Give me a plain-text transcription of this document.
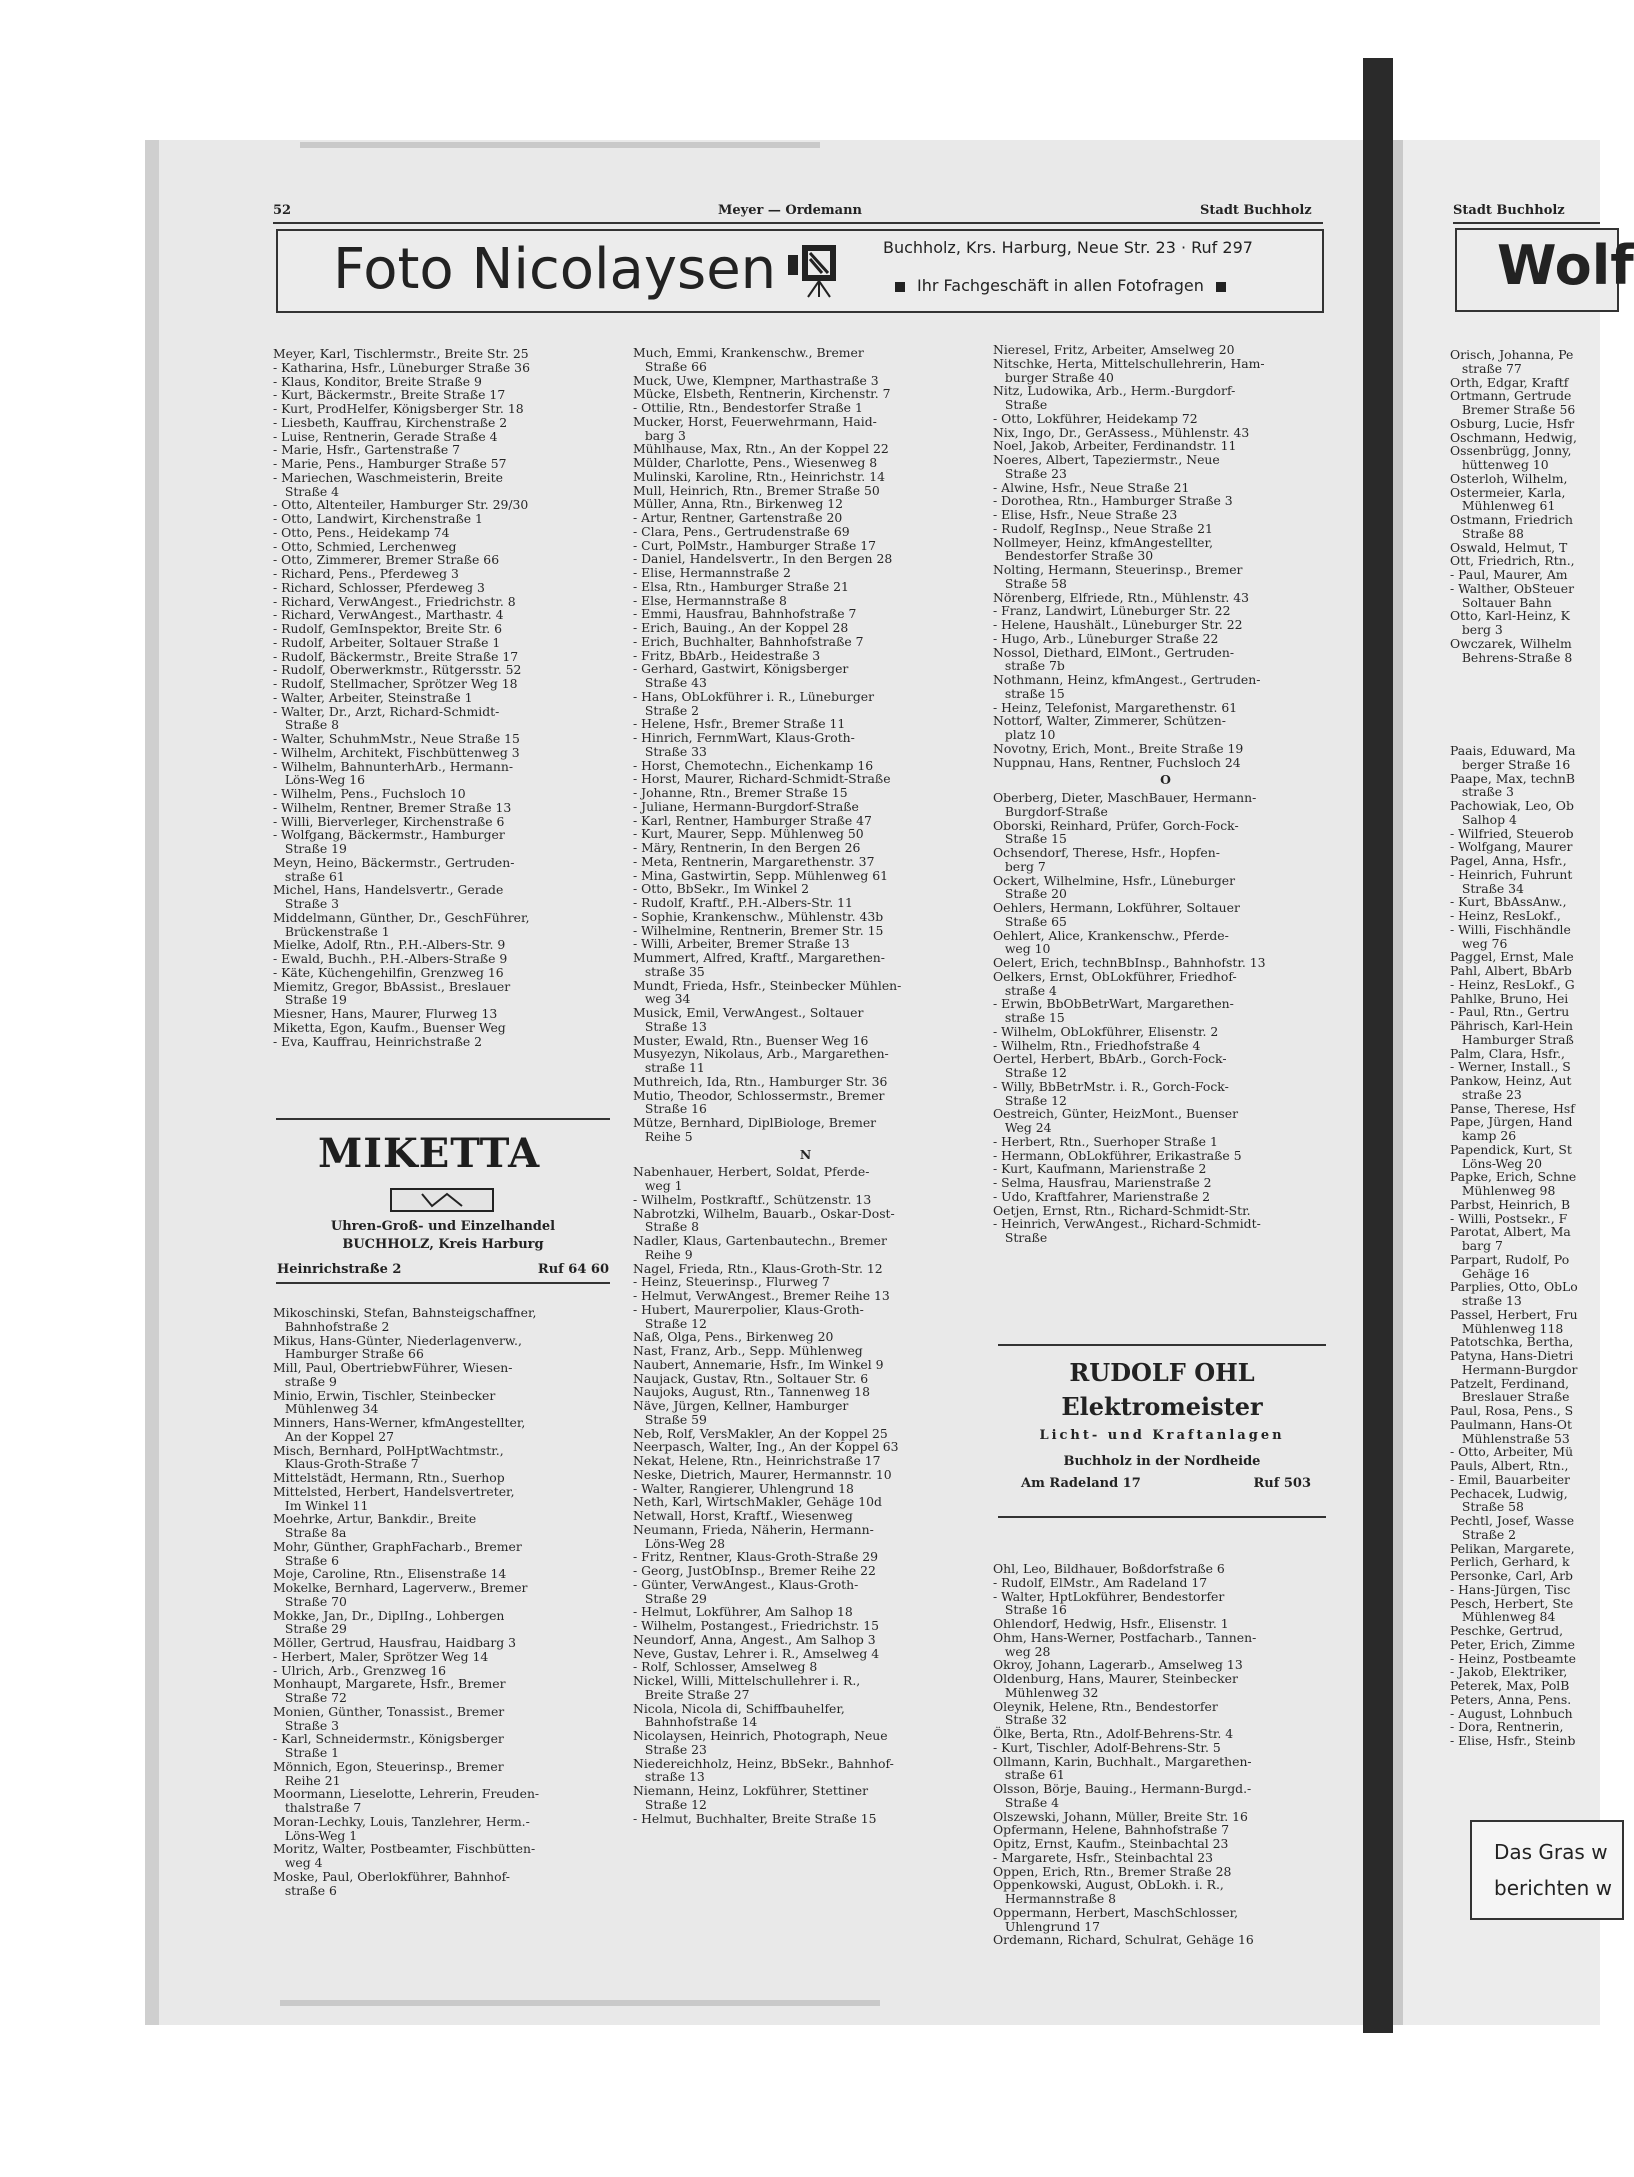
52	Meyer — Ordemann	Stadt Buchholz	Stadt Buchholz
Foto Nicolaysen	Buchholz, Krs. Harburg, Neue Str. 23 · Ruf 297
Ihr Fachgeschäft in allen Fotofragen
Meyer, Karl, Tischlermstr., Breite Str. 25
- Katharina, Hsfr., Lüneburger Straße 36
- Klaus, Konditor, Breite Straße 9
- Kurt, Bäckermstr., Breite Straße 17
- Kurt, ProdHelfer, Königsberger Str. 18
- Liesbeth, Kauffrau, Kirchenstraße 2
- Luise, Rentnerin, Gerade Straße 4
- Marie, Hsfr., Gartenstraße 7
- Marie, Pens., Hamburger Straße 57
- Mariechen, Waschmeisterin, Breite
Straße 4
- Otto, Altenteiler, Hamburger Str. 29/30
- Otto, Landwirt, Kirchenstraße 1
- Otto, Pens., Heidekamp 74
- Otto, Schmied, Lerchenweg
- Otto, Zimmerer, Bremer Straße 66
- Richard, Pens., Pferdeweg 3
- Richard, Schlosser, Pferdeweg 3
- Richard, VerwAngest., Friedrichstr. 8
- Richard, VerwAngest., Marthastr. 4
- Rudolf, GemInspektor, Breite Str. 6
- Rudolf, Arbeiter, Soltauer Straße 1
- Rudolf, Bäckermstr., Breite Straße 17
- Rudolf, Oberwerkmstr., Rütgersstr. 52
- Rudolf, Stellmacher, Sprötzer Weg 18
- Walter, Arbeiter, Steinstraße 1
- Walter, Dr., Arzt, Richard-Schmidt-
Straße 8
- Walter, SchuhmMstr., Neue Straße 15
- Wilhelm, Architekt, Fischbüttenweg 3
- Wilhelm, BahnunterhArb., Hermann-
Löns-Weg 16
- Wilhelm, Pens., Fuchsloch 10
- Wilhelm, Rentner, Bremer Straße 13
- Willi, Bierverleger, Kirchenstraße 6
- Wolfgang, Bäckermstr., Hamburger
Straße 19
Meyn, Heino, Bäckermstr., Gertruden-
straße 61
Michel, Hans, Handelsvertr., Gerade
Straße 3
Middelmann, Günther, Dr., GeschFührer,
Brückenstraße 1
Mielke, Adolf, Rtn., P.H.-Albers-Str. 9
- Ewald, Buchh., P.H.-Albers-Straße 9
- Käte, Küchengehilfin, Grenzweg 16
Miemitz, Gregor, BbAssist., Breslauer
Straße 19
Miesner, Hans, Maurer, Flurweg 13
Miketta, Egon, Kaufm., Buenser Weg
- Eva, Kauffrau, Heinrichstraße 2
MIKETTA
Uhren-Groß- und Einzelhandel
BUCHHOLZ, Kreis Harburg
Heinrichstraße 2	Ruf 64 60
Mikoschinski, Stefan, Bahnsteigschaffner,
Bahnhofstraße 2
Mikus, Hans-Günter, Niederlagenverw.,
Hamburger Straße 66
Mill, Paul, ObertriebwFührer, Wiesen-
straße 9
Minio, Erwin, Tischler, Steinbecker
Mühlenweg 34
Minners, Hans-Werner, kfmAngestellter,
An der Koppel 27
Misch, Bernhard, PolHptWachtmstr.,
Klaus-Groth-Straße 7
Mittelstädt, Hermann, Rtn., Suerhop
Mittelsted, Herbert, Handelsvertreter,
Im Winkel 11
Moehrke, Artur, Bankdir., Breite
Straße 8a
Mohr, Günther, GraphFacharb., Bremer
Straße 6
Moje, Caroline, Rtn., Elisenstraße 14
Mokelke, Bernhard, Lagerverw., Bremer
Straße 70
Mokke, Jan, Dr., DiplIng., Lohbergen
Straße 29
Möller, Gertrud, Hausfrau, Haidbarg 3
- Herbert, Maler, Sprötzer Weg 14
- Ulrich, Arb., Grenzweg 16
Monhaupt, Margarete, Hsfr., Bremer
Straße 72
Monien, Günther, Tonassist., Bremer
Straße 3
- Karl, Schneidermstr., Königsberger
Straße 1
Mönnich, Egon, Steuerinsp., Bremer
Reihe 21
Moormann, Lieselotte, Lehrerin, Freuden-
thalstraße 7
Moran-Lechky, Louis, Tanzlehrer, Herm.-
Löns-Weg 1
Moritz, Walter, Postbeamter, Fischbütten-
weg 4
Moske, Paul, Oberlokführer, Bahnhof-
straße 6
Much, Emmi, Krankenschw., Bremer
Straße 66
Muck, Uwe, Klempner, Marthastraße 3
Mücke, Elsbeth, Rentnerin, Kirchenstr. 7
- Ottilie, Rtn., Bendestorfer Straße 1
Mucker, Horst, Feuerwehrmann, Haid-
barg 3
Mühlhause, Max, Rtn., An der Koppel 22
Mülder, Charlotte, Pens., Wiesenweg 8
Mulinski, Karoline, Rtn., Heinrichstr. 14
Mull, Heinrich, Rtn., Bremer Straße 50
Müller, Anna, Rtn., Birkenweg 12
- Artur, Rentner, Gartenstraße 20
- Clara, Pens., Gertrudenstraße 69
- Curt, PolMstr., Hamburger Straße 17
- Daniel, Handelsvertr., In den Bergen 28
- Elise, Hermannstraße 2
- Elsa, Rtn., Hamburger Straße 21
- Else, Hermannstraße 8
- Emmi, Hausfrau, Bahnhofstraße 7
- Erich, Bauing., An der Koppel 28
- Erich, Buchhalter, Bahnhofstraße 7
- Fritz, BbArb., Heidestraße 3
- Gerhard, Gastwirt, Königsberger
Straße 43
- Hans, ObLokführer i. R., Lüneburger
Straße 2
- Helene, Hsfr., Bremer Straße 11
- Hinrich, FernmWart, Klaus-Groth-
Straße 33
- Horst, Chemotechn., Eichenkamp 16
- Horst, Maurer, Richard-Schmidt-Straße
- Johanne, Rtn., Bremer Straße 15
- Juliane, Hermann-Burgdorf-Straße
- Karl, Rentner, Hamburger Straße 47
- Kurt, Maurer, Sepp. Mühlenweg 50
- Märy, Rentnerin, In den Bergen 26
- Meta, Rentnerin, Margarethenstr. 37
- Mina, Gastwirtin, Sepp. Mühlenweg 61
- Otto, BbSekr., Im Winkel 2
- Rudolf, Kraftf., P.H.-Albers-Str. 11
- Sophie, Krankenschw., Mühlenstr. 43b
- Wilhelmine, Rentnerin, Bremer Str. 15
- Willi, Arbeiter, Bremer Straße 13
Mummert, Alfred, Kraftf., Margarethen-
straße 35
Mundt, Frieda, Hsfr., Steinbecker Mühlen-
weg 34
Musick, Emil, VerwAngest., Soltauer
Straße 13
Muster, Ewald, Rtn., Buenser Weg 16
Musyezyn, Nikolaus, Arb., Margarethen-
straße 11
Muthreich, Ida, Rtn., Hamburger Str. 36
Mutio, Theodor, Schlossermstr., Bremer
Straße 16
Mütze, Bernhard, DiplBiologe, Bremer
Reihe 5

N
Nabenhauer, Herbert, Soldat, Pferde-
weg 1
- Wilhelm, Postkraftf., Schützenstr. 13
Nabrotzki, Wilhelm, Bauarb., Oskar-Dost-
Straße 8
Nadler, Klaus, Gartenbautechn., Bremer
Reihe 9
Nagel, Frieda, Rtn., Klaus-Groth-Str. 12
- Heinz, Steuerinsp., Flurweg 7
- Helmut, VerwAngest., Bremer Reihe 13
- Hubert, Maurerpolier, Klaus-Groth-
Straße 12
Naß, Olga, Pens., Birkenweg 20
Nast, Franz, Arb., Sepp. Mühlenweg
Naubert, Annemarie, Hsfr., Im Winkel 9
Naujack, Gustav, Rtn., Soltauer Str. 6
Naujoks, August, Rtn., Tannenweg 18
Näve, Jürgen, Kellner, Hamburger
Straße 59
Neb, Rolf, VersMakler, An der Koppel 25
Neerpasch, Walter, Ing., An der Koppel 63
Nekat, Helene, Rtn., Heinrichstraße 17
Neske, Dietrich, Maurer, Hermannstr. 10
- Walter, Rangierer, Uhlengrund 18
Neth, Karl, WirtschMakler, Gehäge 10d
Netwall, Horst, Kraftf., Wiesenweg
Neumann, Frieda, Näherin, Hermann-
Löns-Weg 28
- Fritz, Rentner, Klaus-Groth-Straße 29
- Georg, JustObInsp., Bremer Reihe 22
- Günter, VerwAngest., Klaus-Groth-
Straße 29
- Helmut, Lokführer, Am Salhop 18
- Wilhelm, Postangest., Friedrichstr. 15
Neundorf, Anna, Angest., Am Salhop 3
Neve, Gustav, Lehrer i. R., Amselweg 4
- Rolf, Schlosser, Amselweg 8
Nickel, Willi, Mittelschullehrer i. R.,
Breite Straße 27
Nicola, Nicola di, Schiffbauhelfer,
Bahnhofstraße 14
Nicolaysen, Heinrich, Photograph, Neue
Straße 23
Niedereichholz, Heinz, BbSekr., Bahnhof-
straße 13
Niemann, Heinz, Lokführer, Stettiner
Straße 12
- Helmut, Buchhalter, Breite Straße 15
Nieresel, Fritz, Arbeiter, Amselweg 20
Nitschke, Herta, Mittelschullehrerin, Ham-
burger Straße 40
Nitz, Ludowika, Arb., Herm.-Burgdorf-
Straße
- Otto, Lokführer, Heidekamp 72
Nix, Ingo, Dr., GerAssess., Mühlenstr. 43
Noel, Jakob, Arbeiter, Ferdinandstr. 11
Noeres, Albert, Tapeziermstr., Neue
Straße 23
- Alwine, Hsfr., Neue Straße 21
- Dorothea, Rtn., Hamburger Straße 3
- Elise, Hsfr., Neue Straße 23
- Rudolf, RegInsp., Neue Straße 21
Nollmeyer, Heinz, kfmAngestellter,
Bendestorfer Straße 30
Nolting, Hermann, Steuerinsp., Bremer
Straße 58
Nörenberg, Elfriede, Rtn., Mühlenstr. 43
- Franz, Landwirt, Lüneburger Str. 22
- Helene, Haushält., Lüneburger Str. 22
- Hugo, Arb., Lüneburger Straße 22
Nossol, Diethard, ElMont., Gertruden-
straße 7b
Nothmann, Heinz, kfmAngest., Gertruden-
straße 15
- Heinz, Telefonist, Margarethenstr. 61
Nottorf, Walter, Zimmerer, Schützen-
platz 10
Novotny, Erich, Mont., Breite Straße 19
Nuppnau, Hans, Rentner, Fuchsloch 24

O
Oberberg, Dieter, MaschBauer, Hermann-
Burgdorf-Straße
Oborski, Reinhard, Prüfer, Gorch-Fock-
Straße 15
Ochsendorf, Therese, Hsfr., Hopfen-
berg 7
Ockert, Wilhelmine, Hsfr., Lüneburger
Straße 20
Oehlers, Hermann, Lokführer, Soltauer
Straße 65
Oehlert, Alice, Krankenschw., Pferde-
weg 10
Oelert, Erich, technBbInsp., Bahnhofstr. 13
Oelkers, Ernst, ObLokführer, Friedhof-
straße 4
- Erwin, BbObBetrWart, Margarethen-
straße 15
- Wilhelm, ObLokführer, Elisenstr. 2
- Wilhelm, Rtn., Friedhofstraße 4
Oertel, Herbert, BbArb., Gorch-Fock-
Straße 12
- Willy, BbBetrMstr. i. R., Gorch-Fock-
Straße 12
Oestreich, Günter, HeizMont., Buenser
Weg 24
- Herbert, Rtn., Suerhoper Straße 1
- Hermann, ObLokführer, Erikastraße 5
- Kurt, Kaufmann, Marienstraße 2
- Selma, Hausfrau, Marienstraße 2
- Udo, Kraftfahrer, Marienstraße 2
Oetjen, Ernst, Rtn., Richard-Schmidt-Str.
- Heinrich, VerwAngest., Richard-Schmidt-
Straße
RUDOLF OHL
Elektromeister
Licht- und Kraftanlagen
Buchholz in der Nordheide
Am Radeland 17	Ruf 503
Ohl, Leo, Bildhauer, Boßdorfstraße 6
- Rudolf, ElMstr., Am Radeland 17
- Walter, HptLokführer, Bendestorfer
Straße 16
Ohlendorf, Hedwig, Hsfr., Elisenstr. 1
Ohm, Hans-Werner, Postfacharb., Tannen-
weg 28
Okroy, Johann, Lagerarb., Amselweg 13
Oldenburg, Hans, Maurer, Steinbecker
Mühlenweg 32
Oleynik, Helene, Rtn., Bendestorfer
Straße 32
Ölke, Berta, Rtn., Adolf-Behrens-Str. 4
- Kurt, Tischler, Adolf-Behrens-Str. 5
Ollmann, Karin, Buchhalt., Margarethen-
straße 61
Olsson, Börje, Bauing., Hermann-Burgd.-
Straße 4
Olszewski, Johann, Müller, Breite Str. 16
Opfermann, Helene, Bahnhofstraße 7
Opitz, Ernst, Kaufm., Steinbachtal 23
- Margarete, Hsfr., Steinbachtal 23
Oppen, Erich, Rtn., Bremer Straße 28
Oppenkowski, August, ObLokh. i. R.,
Hermannstraße 8
Oppermann, Herbert, MaschSchlosser,
Uhlengrund 17
Ordemann, Richard, Schulrat, Gehäge 16
Wolf
Orisch, Johanna, Pe
straße 77
Orth, Edgar, Kraftf
Ortmann, Gertrude
Bremer Straße 56
Osburg, Lucie, Hsfr
Oschmann, Hedwig,
Ossenbrügg, Jonny,
hüttenweg 10
Osterloh, Wilhelm,
Ostermeier, Karla,
Mühlenweg 61
Ostmann, Friedrich
Straße 88
Oswald, Helmut, T
Ott, Friedrich, Rtn.,
- Paul, Maurer, Am
- Walther, ObSteuer
Soltauer Bahn
Otto, Karl-Heinz, K
berg 3
Owczarek, Wilhelm
Behrens-Straße 8
Paais, Eduward, Ma
berger Straße 16
Paape, Max, technB
straße 3
Pachowiak, Leo, Ob
Salhop 4
- Wilfried, Steuerob
- Wolfgang, Maurer
Pagel, Anna, Hsfr.,
- Heinrich, Fuhrunt
Straße 34
- Kurt, BbAssAnw.,
- Heinz, ResLokf.,
- Willi, Fischhändle
weg 76
Paggel, Ernst, Male
Pahl, Albert, BbArb
- Heinz, ResLokf., G
Pahlke, Bruno, Hei
- Paul, Rtn., Gertru
Pährisch, Karl-Hein
Hamburger Straß
Palm, Clara, Hsfr.,
- Werner, Install., S
Pankow, Heinz, Aut
straße 23
Panse, Therese, Hsf
Pape, Jürgen, Hand
kamp 26
Papendick, Kurt, St
Löns-Weg 20
Papke, Erich, Schne
Mühlenweg 98
Parbst, Heinrich, B
- Willi, Postsekr., F
Parotat, Albert, Ma
barg 7
Parpart, Rudolf, Po
Gehäge 16
Parplies, Otto, ObLo
straße 13
Passel, Herbert, Fru
Mühlenweg 118
Patotschka, Bertha,
Patyna, Hans-Dietri
Hermann-Burgdor
Patzelt, Ferdinand,
Breslauer Straße
Paul, Rosa, Pens., S
Paulmann, Hans-Ot
Mühlenstraße 53
- Otto, Arbeiter, Mü
Pauls, Albert, Rtn.,
- Emil, Bauarbeiter
Pechacek, Ludwig,
Straße 58
Pechtl, Josef, Wasse
Straße 2
Pelikan, Margarete,
Perlich, Gerhard, k
Personke, Carl, Arb
- Hans-Jürgen, Tisc
Pesch, Herbert, Ste
Mühlenweg 84
Peschke, Gertrud,
Peter, Erich, Zimme
- Heinz, Postbeamte
- Jakob, Elektriker,
Peterek, Max, PolB
Peters, Anna, Pens.
- August, Lohnbuch
- Dora, Rentnerin,
- Elise, Hsfr., Steinb
Das Gras w
berichten w
